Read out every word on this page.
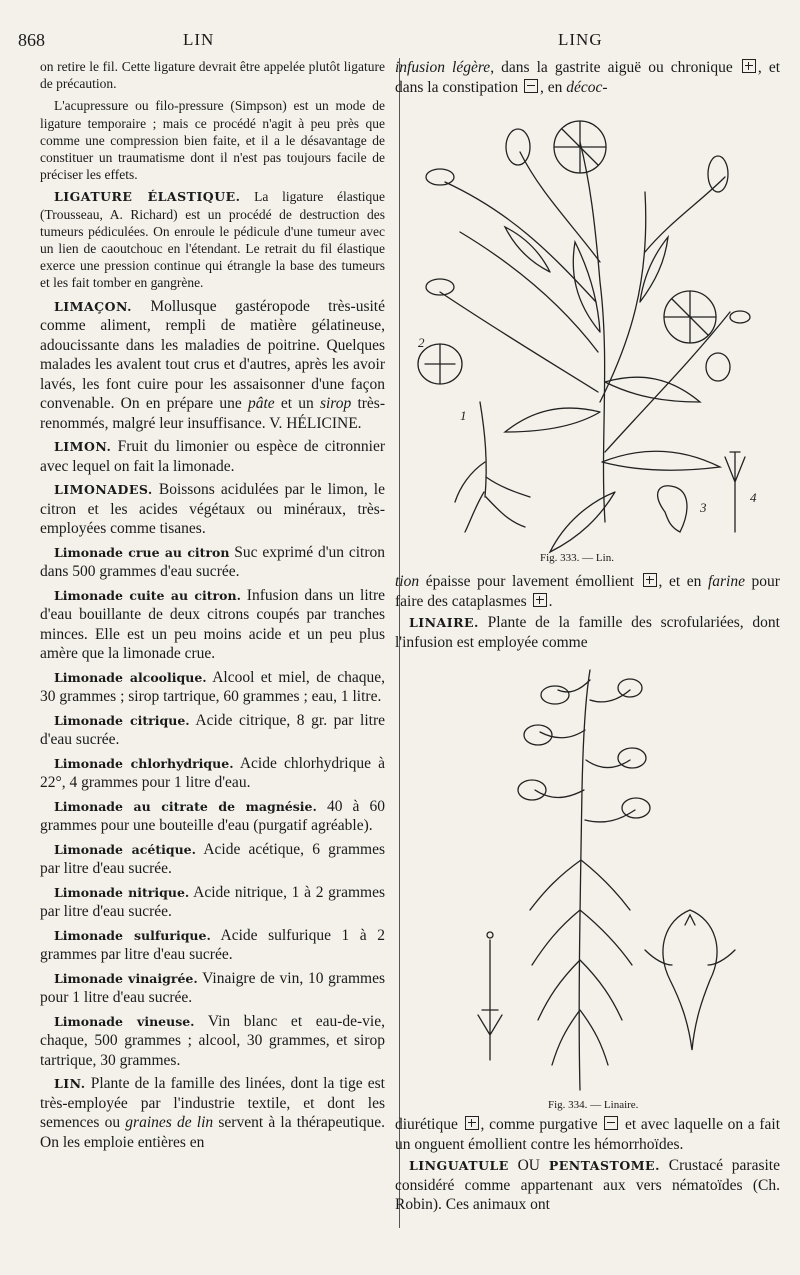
868	LIN	LING

on retire le fil. Cette ligature devrait être appelée plutôt ligature de précaution.

L'acupressure ou filo-pressure (Simpson) est un mode de ligature temporaire ; mais ce procédé n'agit à peu près que comme une compression bien faite, et il a le désavantage de constituer un traumatisme dont il n'est pas toujours facile de préciser les effets.

LIGATURE ÉLASTIQUE. La ligature élastique (Trousseau, A. Richard) est un procédé de destruction des tumeurs pédiculées. On enroule le pédicule d'une tumeur avec un lien de caoutchouc en l'étendant. Le retrait du fil élastique exerce une pression continue qui étrangle la base des tumeurs et les fait tomber en gangrène.

LIMAÇON. Mollusque gastéropode très-usité comme aliment, rempli de matière gélatineuse, adoucissante dans les maladies de poitrine. Quelques malades les avalent tout crus et d'autres, après les avoir lavés, les font cuire pour les assaisonner d'une façon convenable. On en prépare une pâte et un sirop très-renommés, malgré leur insuffisance. V. HÉLICINE.

LIMON. Fruit du limonier ou espèce de citronnier avec lequel on fait la limonade.

LIMONADES. Boissons acidulées par le limon, le citron et les acides végétaux ou minéraux, très-employées comme tisanes.

Limonade crue au citron Suc exprimé d'un citron dans 500 grammes d'eau sucrée.

Limonade cuite au citron. Infusion dans un litre d'eau bouillante de deux citrons coupés par tranches minces. Elle est un peu moins acide et un peu plus amère que la limonade crue.

Limonade alcoolique. Alcool et miel, de chaque, 30 grammes ; sirop tartrique, 60 grammes ; eau, 1 litre.

Limonade citrique. Acide citrique, 8 gr. par litre d'eau sucrée.

Limonade chlorhydrique. Acide chlorhydrique à 22°, 4 grammes pour 1 litre d'eau.

Limonade au citrate de magnésie. 40 à 60 grammes pour une bouteille d'eau (purgatif agréable).

Limonade acétique. Acide acétique, 6 grammes par litre d'eau sucrée.

Limonade nitrique. Acide nitrique, 1 à 2 grammes par litre d'eau sucrée.

Limonade sulfurique. Acide sulfurique 1 à 2 grammes par litre d'eau sucrée.

Limonade vinaigrée. Vinaigre de vin, 10 grammes pour 1 litre d'eau sucrée.

Limonade vineuse. Vin blanc et eau-de-vie, chaque, 500 grammes ; alcool, 30 grammes, et sirop tartrique, 30 grammes.

LIN. Plante de la famille des linées, dont la tige est très-employée par l'industrie textile, et dont les semences ou graines de lin servent à la thérapeutique. On les emploie entières en

infusion légère, dans la gastrite aiguë ou chronique , et dans la constipation , en décoc-

2
1
3
4
Fig. 333. — Lin.

tion épaisse pour lavement émollient , et en farine pour faire des cataplasmes .

LINAIRE. Plante de la famille des scrofulariées, dont l'infusion est employée comme

Fig. 334. — Linaire.

diurétique , comme purgative  et avec laquelle on a fait un onguent émollient contre les hémorrhoïdes.

LINGUATULE OU PENTASTOME. Crustacé parasite considéré comme appartenant aux vers nématoïdes (Ch. Robin). Ces animaux ont
